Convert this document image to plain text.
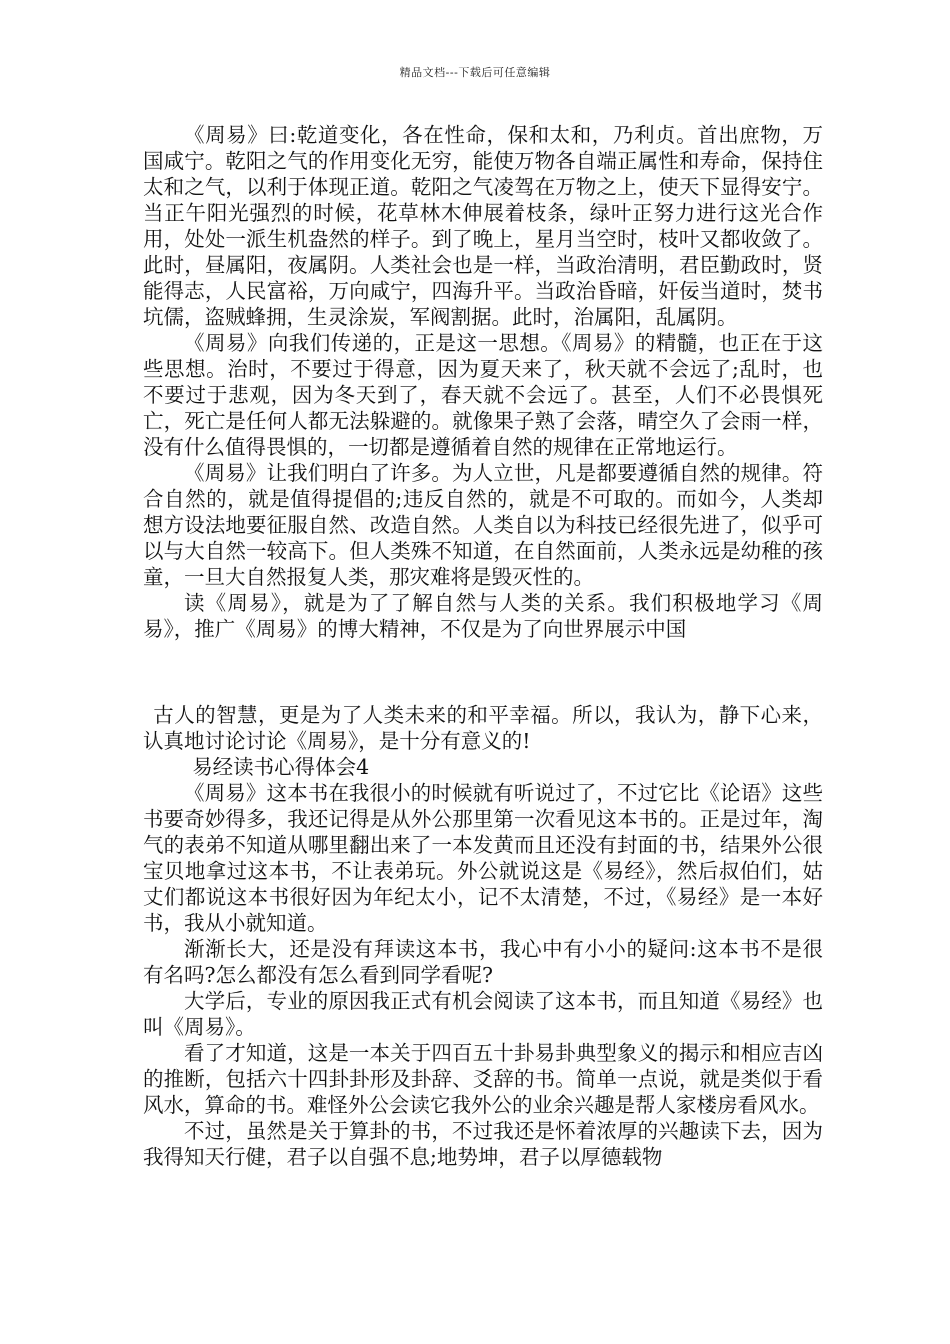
精品文档---下载后可任意编辑

《周易》曰:乾道变化，各在性命，保和太和，乃利贞。首出庶物，万国咸宁。乾阳之气的作用变化无穷，能使万物各自端正属性和寿命，保持住太和之气，以利于体现正道。乾阳之气凌驾在万物之上，使天下显得安宁。当正午阳光强烈的时候，花草林木伸展着枝条，绿叶正努力进行这光合作用，处处一派生机盎然的样子。到了晚上，星月当空时，枝叶又都收敛了。此时，昼属阳，夜属阴。人类社会也是一样，当政治清明，君臣勤政时，贤能得志，人民富裕，万向咸宁，四海升平。当政治昏暗，奸佞当道时，焚书坑儒，盗贼蜂拥，生灵涂炭，军阀割据。此时，治属阳，乱属阴。

《周易》向我们传递的，正是这一思想。《周易》的精髓，也正在于这些思想。治时，不要过于得意，因为夏天来了，秋天就不会远了;乱时，也不要过于悲观，因为冬天到了，春天就不会远了。甚至，人们不必畏惧死亡，死亡是任何人都无法躲避的。就像果子熟了会落，晴空久了会雨一样，没有什么值得畏惧的，一切都是遵循着自然的规律在正常地运行。

《周易》让我们明白了许多。为人立世，凡是都要遵循自然的规律。符合自然的，就是值得提倡的;违反自然的，就是不可取的。而如今，人类却想方设法地要征服自然、改造自然。人类自以为科技已经很先进了，似乎可以与大自然一较高下。但人类殊不知道，在自然面前，人类永远是幼稚的孩童，一旦大自然报复人类，那灾难将是毁灭性的。

读《周易》，就是为了了解自然与人类的关系。我们积极地学习《周易》，推广《周易》的博大精神，不仅是为了向世界展示中国

古人的智慧，更是为了人类未来的和平幸福。所以，我认为，静下心来，认真地讨论讨论《周易》，是十分有意义的!

易经读书心得体会4

《周易》这本书在我很小的时候就有听说过了，不过它比《论语》这些书要奇妙得多，我还记得是从外公那里第一次看见这本书的。正是过年，淘气的表弟不知道从哪里翻出来了一本发黄而且还没有封面的书，结果外公很宝贝地拿过这本书，不让表弟玩。外公就说这是《易经》，然后叔伯们，姑丈们都说这本书很好因为年纪太小，记不太清楚，不过，《易经》是一本好书，我从小就知道。

渐渐长大，还是没有拜读这本书，我心中有小小的疑问:这本书不是很有名吗?怎么都没有怎么看到同学看呢?

大学后，专业的原因我正式有机会阅读了这本书，而且知道《易经》也叫《周易》。

看了才知道，这是一本关于四百五十卦易卦典型象义的揭示和相应吉凶的推断，包括六十四卦卦形及卦辞、爻辞的书。简单一点说，就是类似于看风水，算命的书。难怪外公会读它我外公的业余兴趣是帮人家楼房看风水。

不过，虽然是关于算卦的书，不过我还是怀着浓厚的兴趣读下去，因为我得知天行健，君子以自强不息;地势坤，君子以厚德载物
